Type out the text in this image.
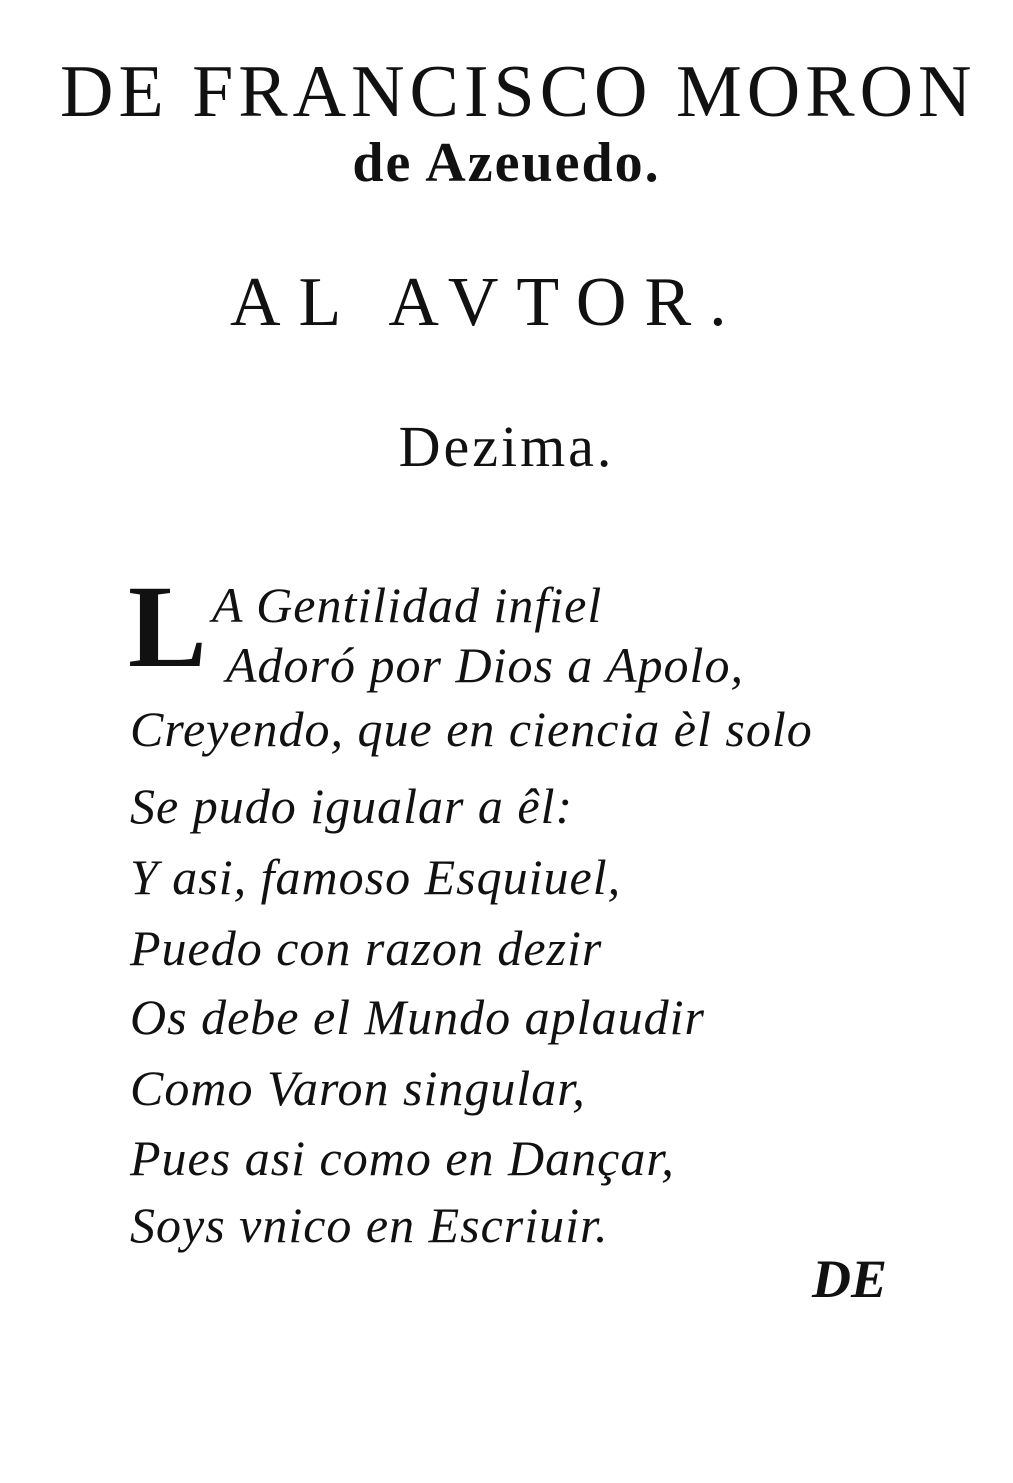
DE FRANCISCO MORON
de Azeuedo.
AL AVTOR.
Dezima.
L A Gentilidad infiel
Adoró por Dios a Apolo,
Creyendo, que en ciencia èl solo
Se pudo igualar a êl:
Y asi, famoso Esquiuel,
Puedo con razon dezir
Os debe el Mundo aplaudir
Como Varon singular,
Pues asi como en Dançar,
Soys vnico en Escriuir.
DE
